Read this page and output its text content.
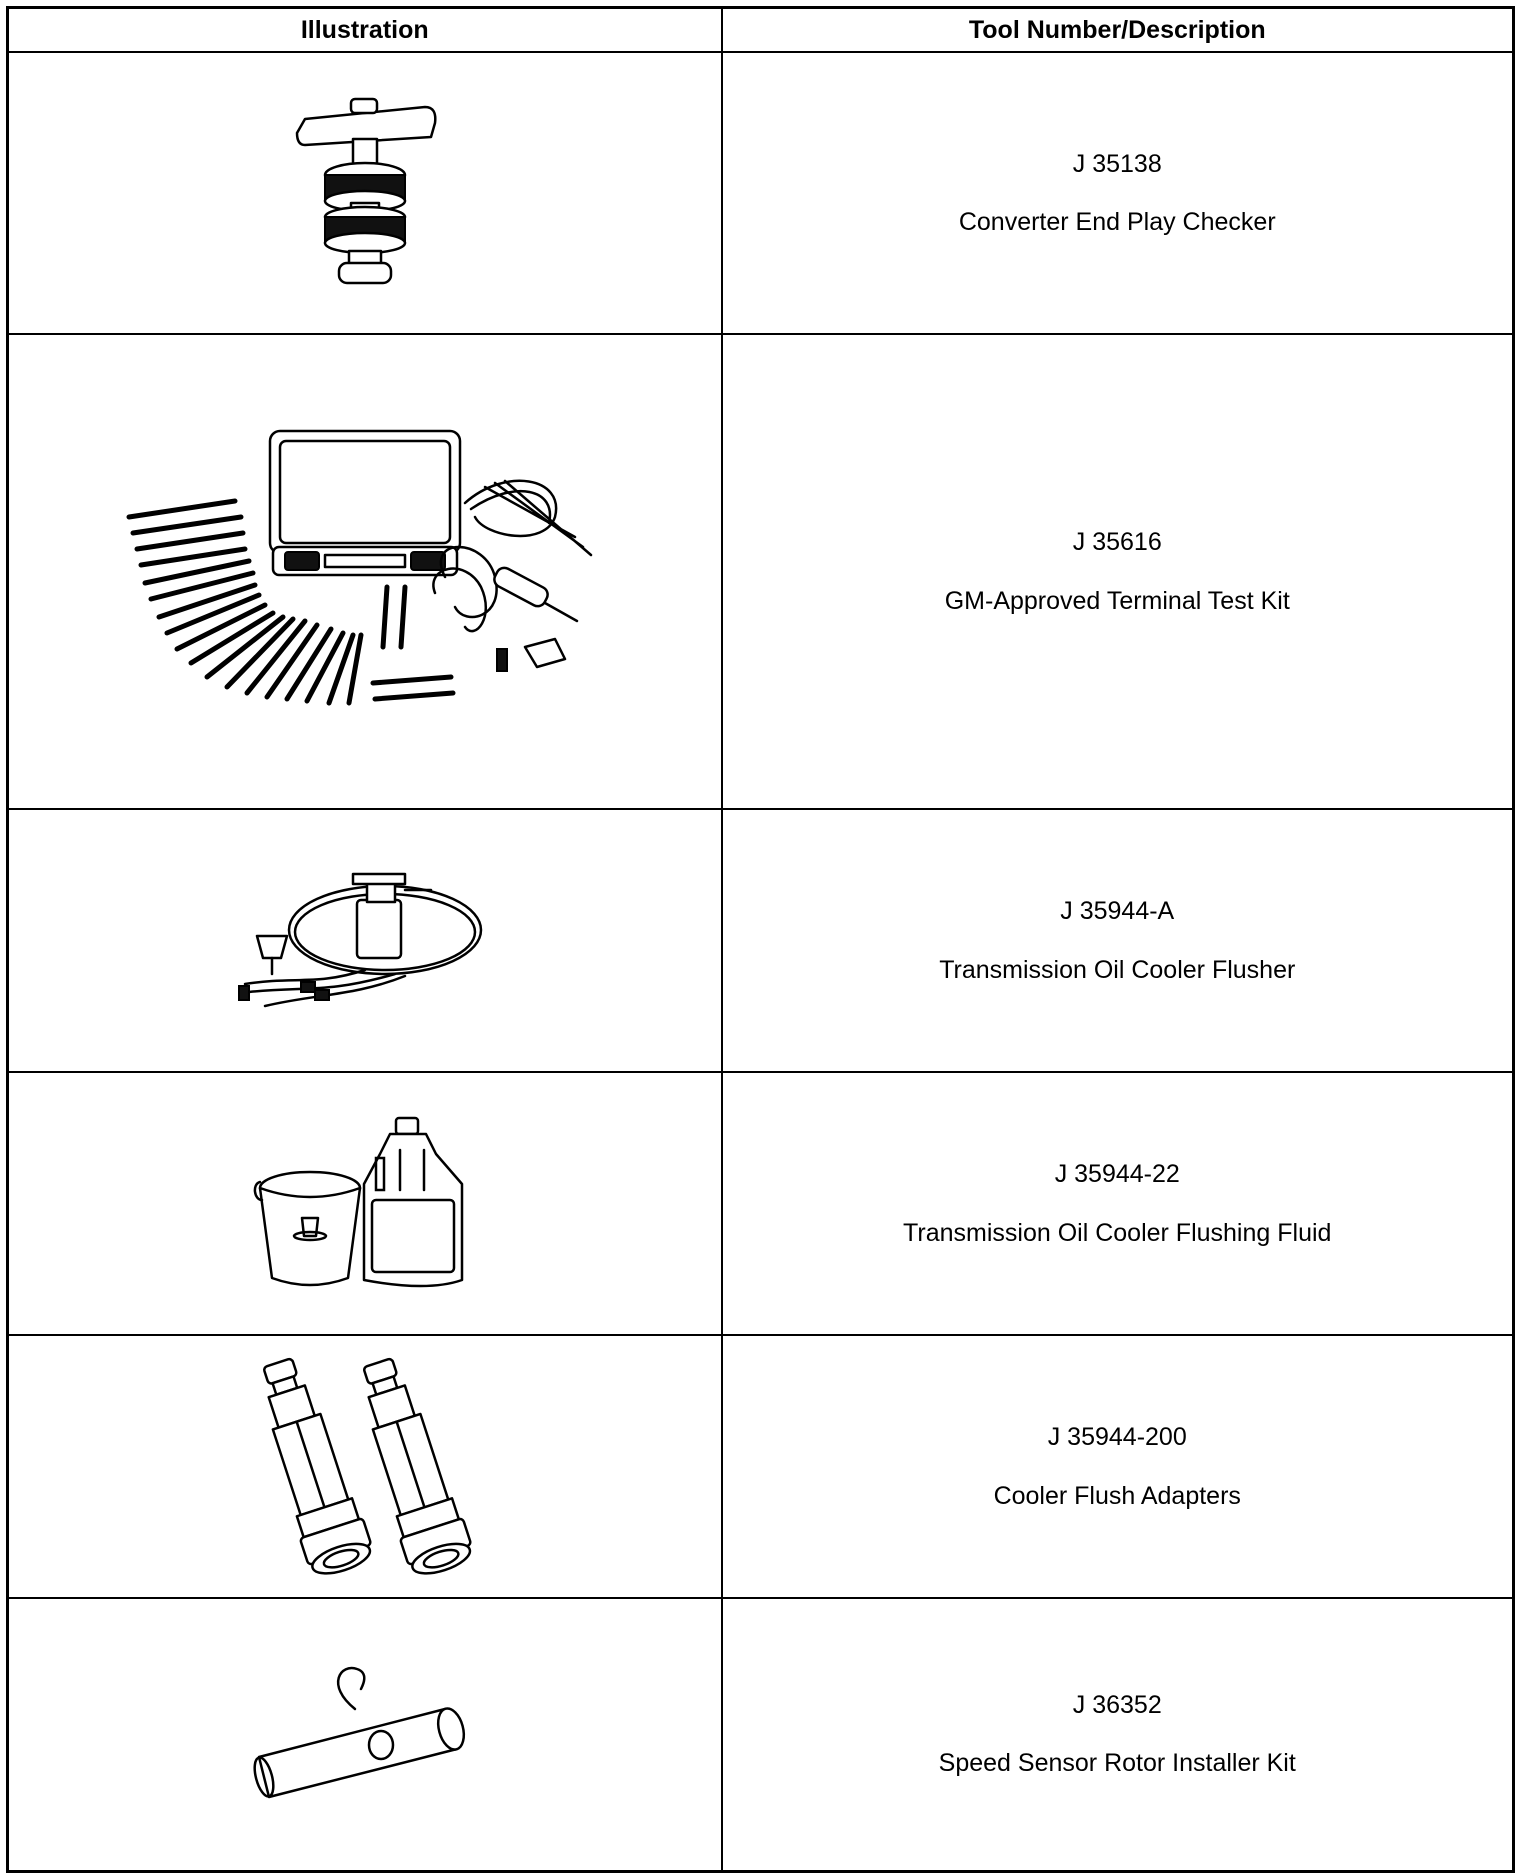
Illustration	Tool Number/Description

J 35138
Converter End Play Checker

J 35616
GM-Approved Terminal Test Kit

J 35944-A
Transmission Oil Cooler Flusher

J 35944-22
Transmission Oil Cooler Flushing Fluid

J 35944-200
Cooler Flush Adapters

J 36352
Speed Sensor Rotor Installer Kit
